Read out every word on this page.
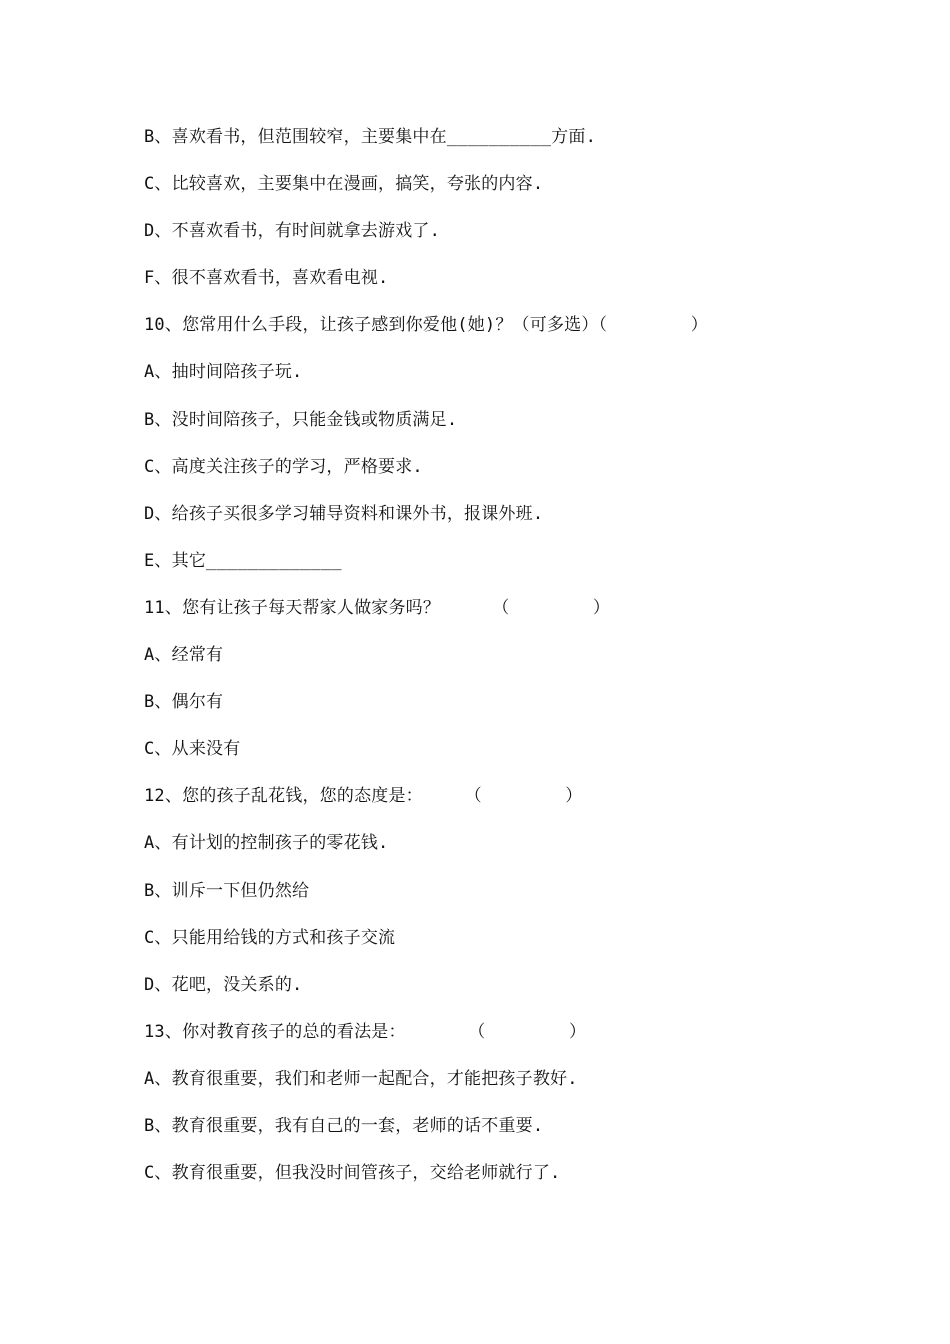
B、喜欢看书，但范围较窄，主要集中在__________方面.
C、比较喜欢，主要集中在漫画，搞笑，夸张的内容.
D、不喜欢看书，有时间就拿去游戏了.
F、很不喜欢看书，喜欢看电视.
10、您常用什么手段，让孩子感到你爱他(她)？（可多选）（        ）
A、抽时间陪孩子玩.
B、没时间陪孩子，只能金钱或物质满足.
C、高度关注孩子的学习，严格要求.
D、给孩子买很多学习辅导资料和课外书，报课外班.
E、其它_____________
11、您有让孩子每天帮家人做家务吗？     （        ）
A、经常有
B、偶尔有
C、从来没有
12、您的孩子乱花钱，您的态度是：    （        ）
A、有计划的控制孩子的零花钱.
B、训斥一下但仍然给
C、只能用给钱的方式和孩子交流
D、花吧，没关系的.
13、你对教育孩子的总的看法是：      （        ）
A、教育很重要，我们和老师一起配合，才能把孩子教好.
B、教育很重要，我有自己的一套，老师的话不重要.
C、教育很重要，但我没时间管孩子，交给老师就行了.
